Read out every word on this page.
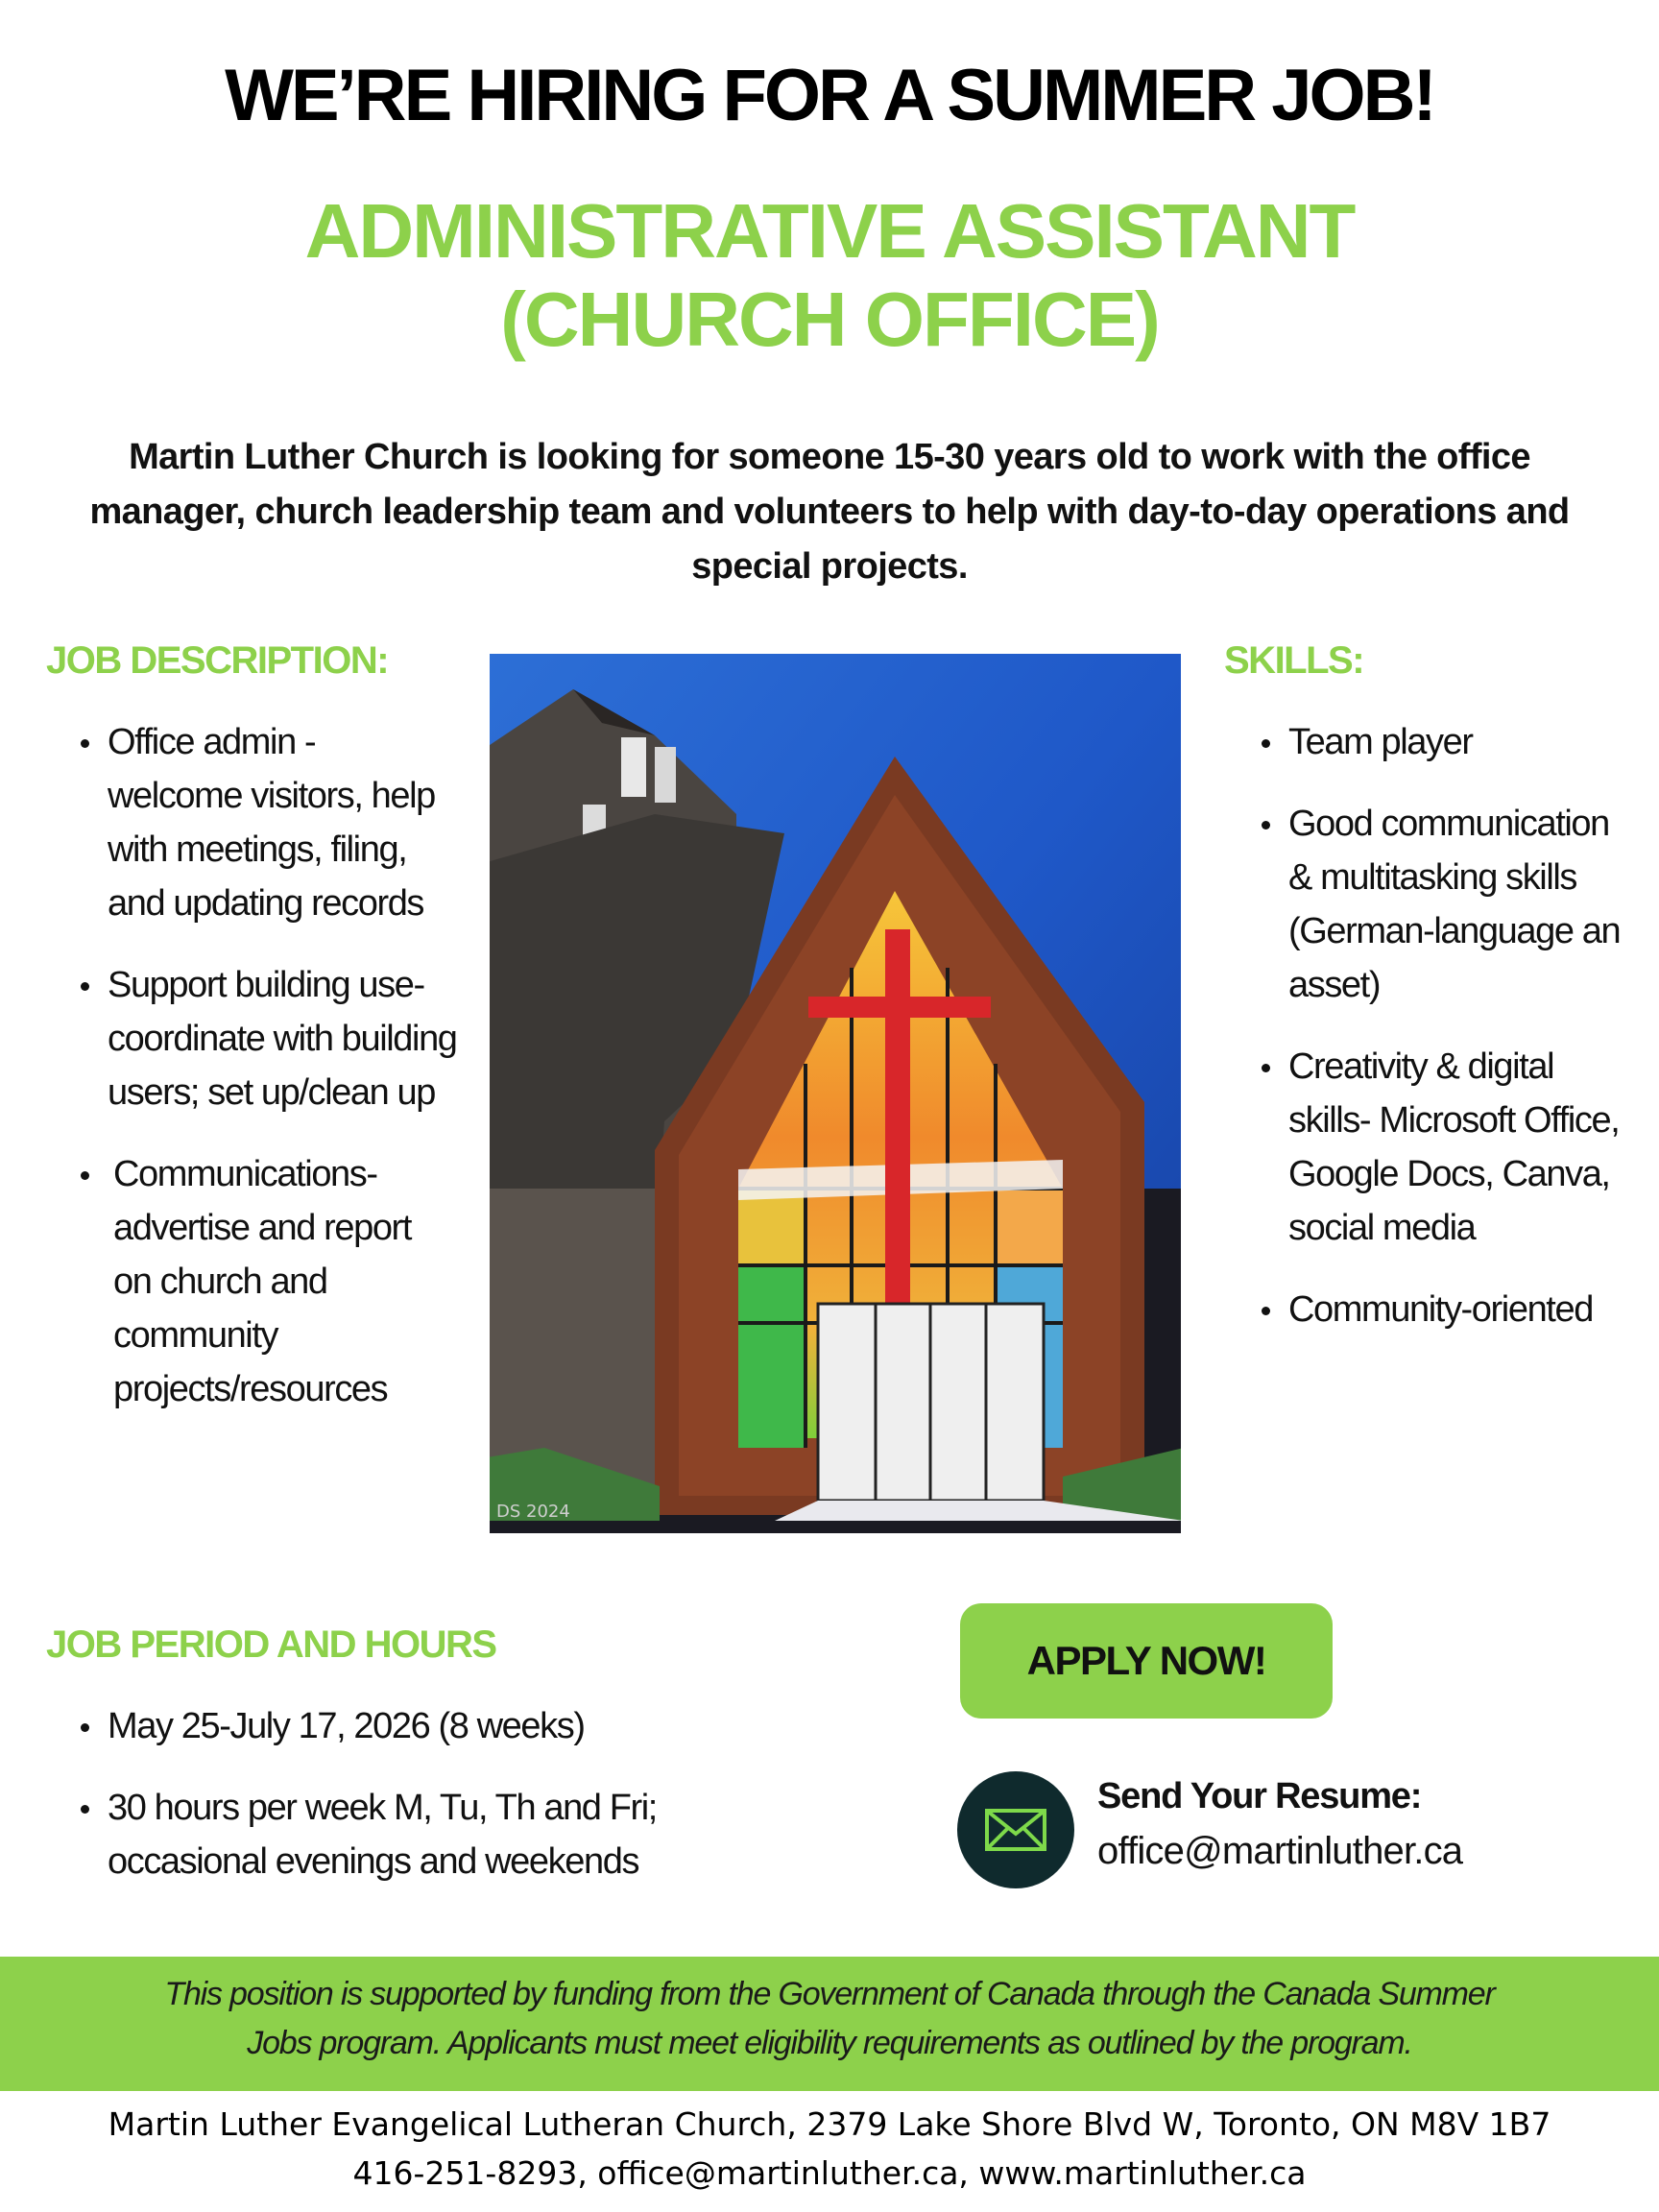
WE’RE HIRING FOR A SUMMER JOB!
ADMINISTRATIVE ASSISTANT
(CHURCH OFFICE)
Martin Luther Church is looking for someone 15-30 years old to work with the office
manager, church leadership team and volunteers to help with day-to-day operations and
special projects.
JOB DESCRIPTION:
Office admin - welcome visitors, help with meetings, filing, and updating records
Support building use- coordinate with building users; set up/clean up
Communications- advertise and report on church and community projects/resources
DS 2024
SKILLS:
Team player
Good communication & multitasking skills (German-language an asset)
Creativity & digital skills- Microsoft Office, Google Docs, Canva, social media
Community-oriented
JOB PERIOD AND HOURS
May 25-July 17, 2026 (8 weeks)
30 hours per week M, Tu, Th and Fri; occasional evenings and weekends
APPLY NOW!
Send Your Resume:
office@martinluther.ca
This position is supported by funding from the Government of Canada through the Canada Summer
Jobs program. Applicants must meet eligibility requirements as outlined by the program.
Martin Luther Evangelical Lutheran Church, 2379 Lake Shore Blvd W, Toronto, ON M8V 1B7
416-251-8293, office@martinluther.ca, www.martinluther.ca
